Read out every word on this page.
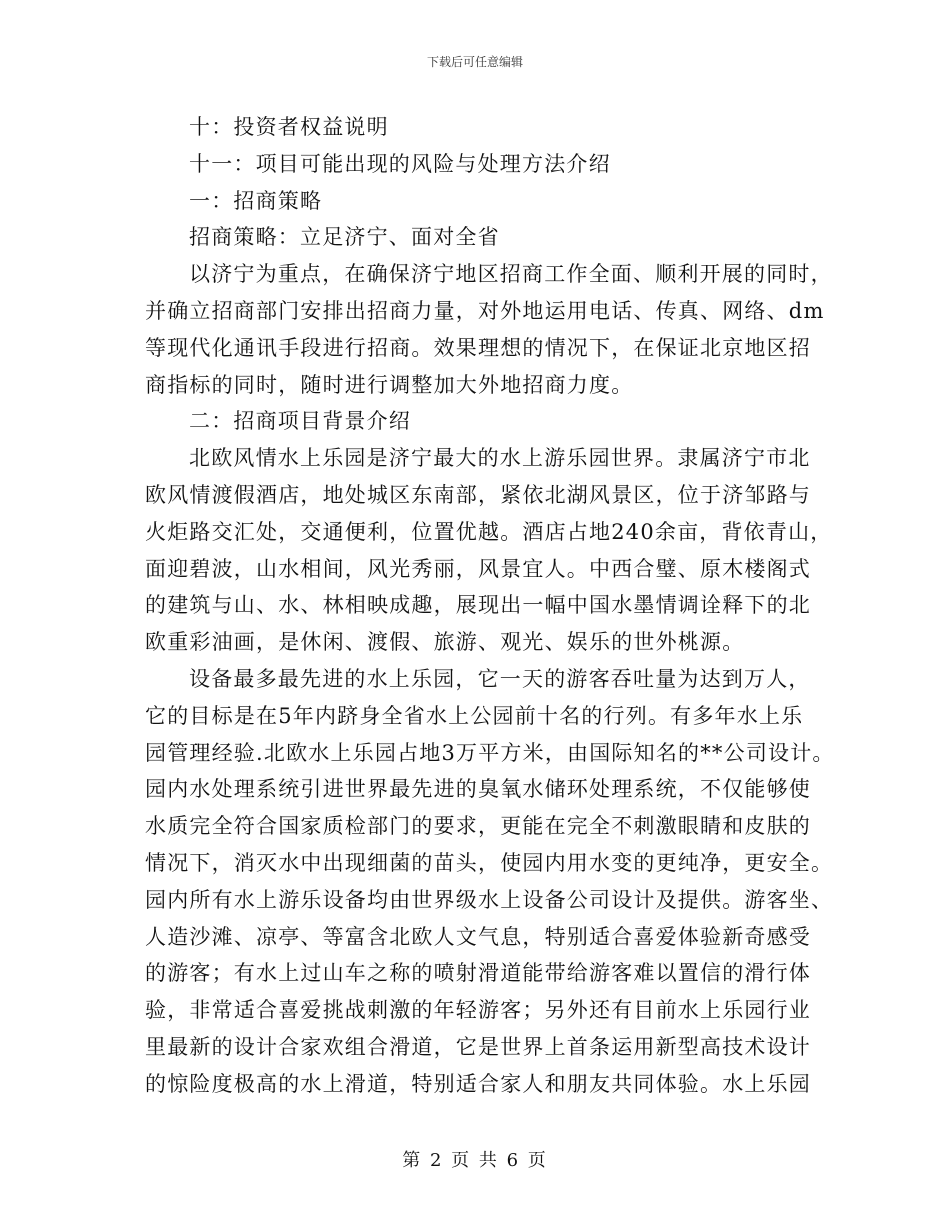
下载后可任意编辑
十：投资者权益说明
十一：项目可能出现的风险与处理方法介绍
一：招商策略
招商策略：立足济宁、面对全省
以济宁为重点，在确保济宁地区招商工作全面、顺利开展的同时，
并确立招商部门安排出招商力量，对外地运用电话、传真、网络、dm
等现代化通讯手段进行招商。效果理想的情况下，在保证北京地区招
商指标的同时，随时进行调整加大外地招商力度。
二：招商项目背景介绍
北欧风情水上乐园是济宁最大的水上游乐园世界。隶属济宁市北
欧风情渡假酒店，地处城区东南部，紧依北湖风景区，位于济邹路与
火炬路交汇处，交通便利，位置优越。酒店占地240余亩，背依青山，
面迎碧波，山水相间，风光秀丽，风景宜人。中西合璧、原木楼阁式
的建筑与山、水、林相映成趣，展现出一幅中国水墨情调诠释下的北
欧重彩油画，是休闲、渡假、旅游、观光、娱乐的世外桃源。
设备最多最先进的水上乐园，它一天的游客吞吐量为达到万人，
它的目标是在5年内跻身全省水上公园前十名的行列。有多年水上乐
园管理经验.北欧水上乐园占地3万平方米，由国际知名的**公司设计。
园内水处理系统引进世界最先进的臭氧水储环处理系统，不仅能够使
水质完全符合国家质检部门的要求，更能在完全不刺激眼睛和皮肤的
情况下，消灭水中出现细菌的苗头，使园内用水变的更纯净，更安全。
园内所有水上游乐设备均由世界级水上设备公司设计及提供。游客坐、
人造沙滩、凉亭、等富含北欧人文气息，特别适合喜爱体验新奇感受
的游客；有水上过山车之称的喷射滑道能带给游客难以置信的滑行体
验，非常适合喜爱挑战刺激的年轻游客；另外还有目前水上乐园行业
里最新的设计合家欢组合滑道，它是世界上首条运用新型高技术设计
的惊险度极高的水上滑道，特别适合家人和朋友共同体验。水上乐园
第 2 页 共 6 页
